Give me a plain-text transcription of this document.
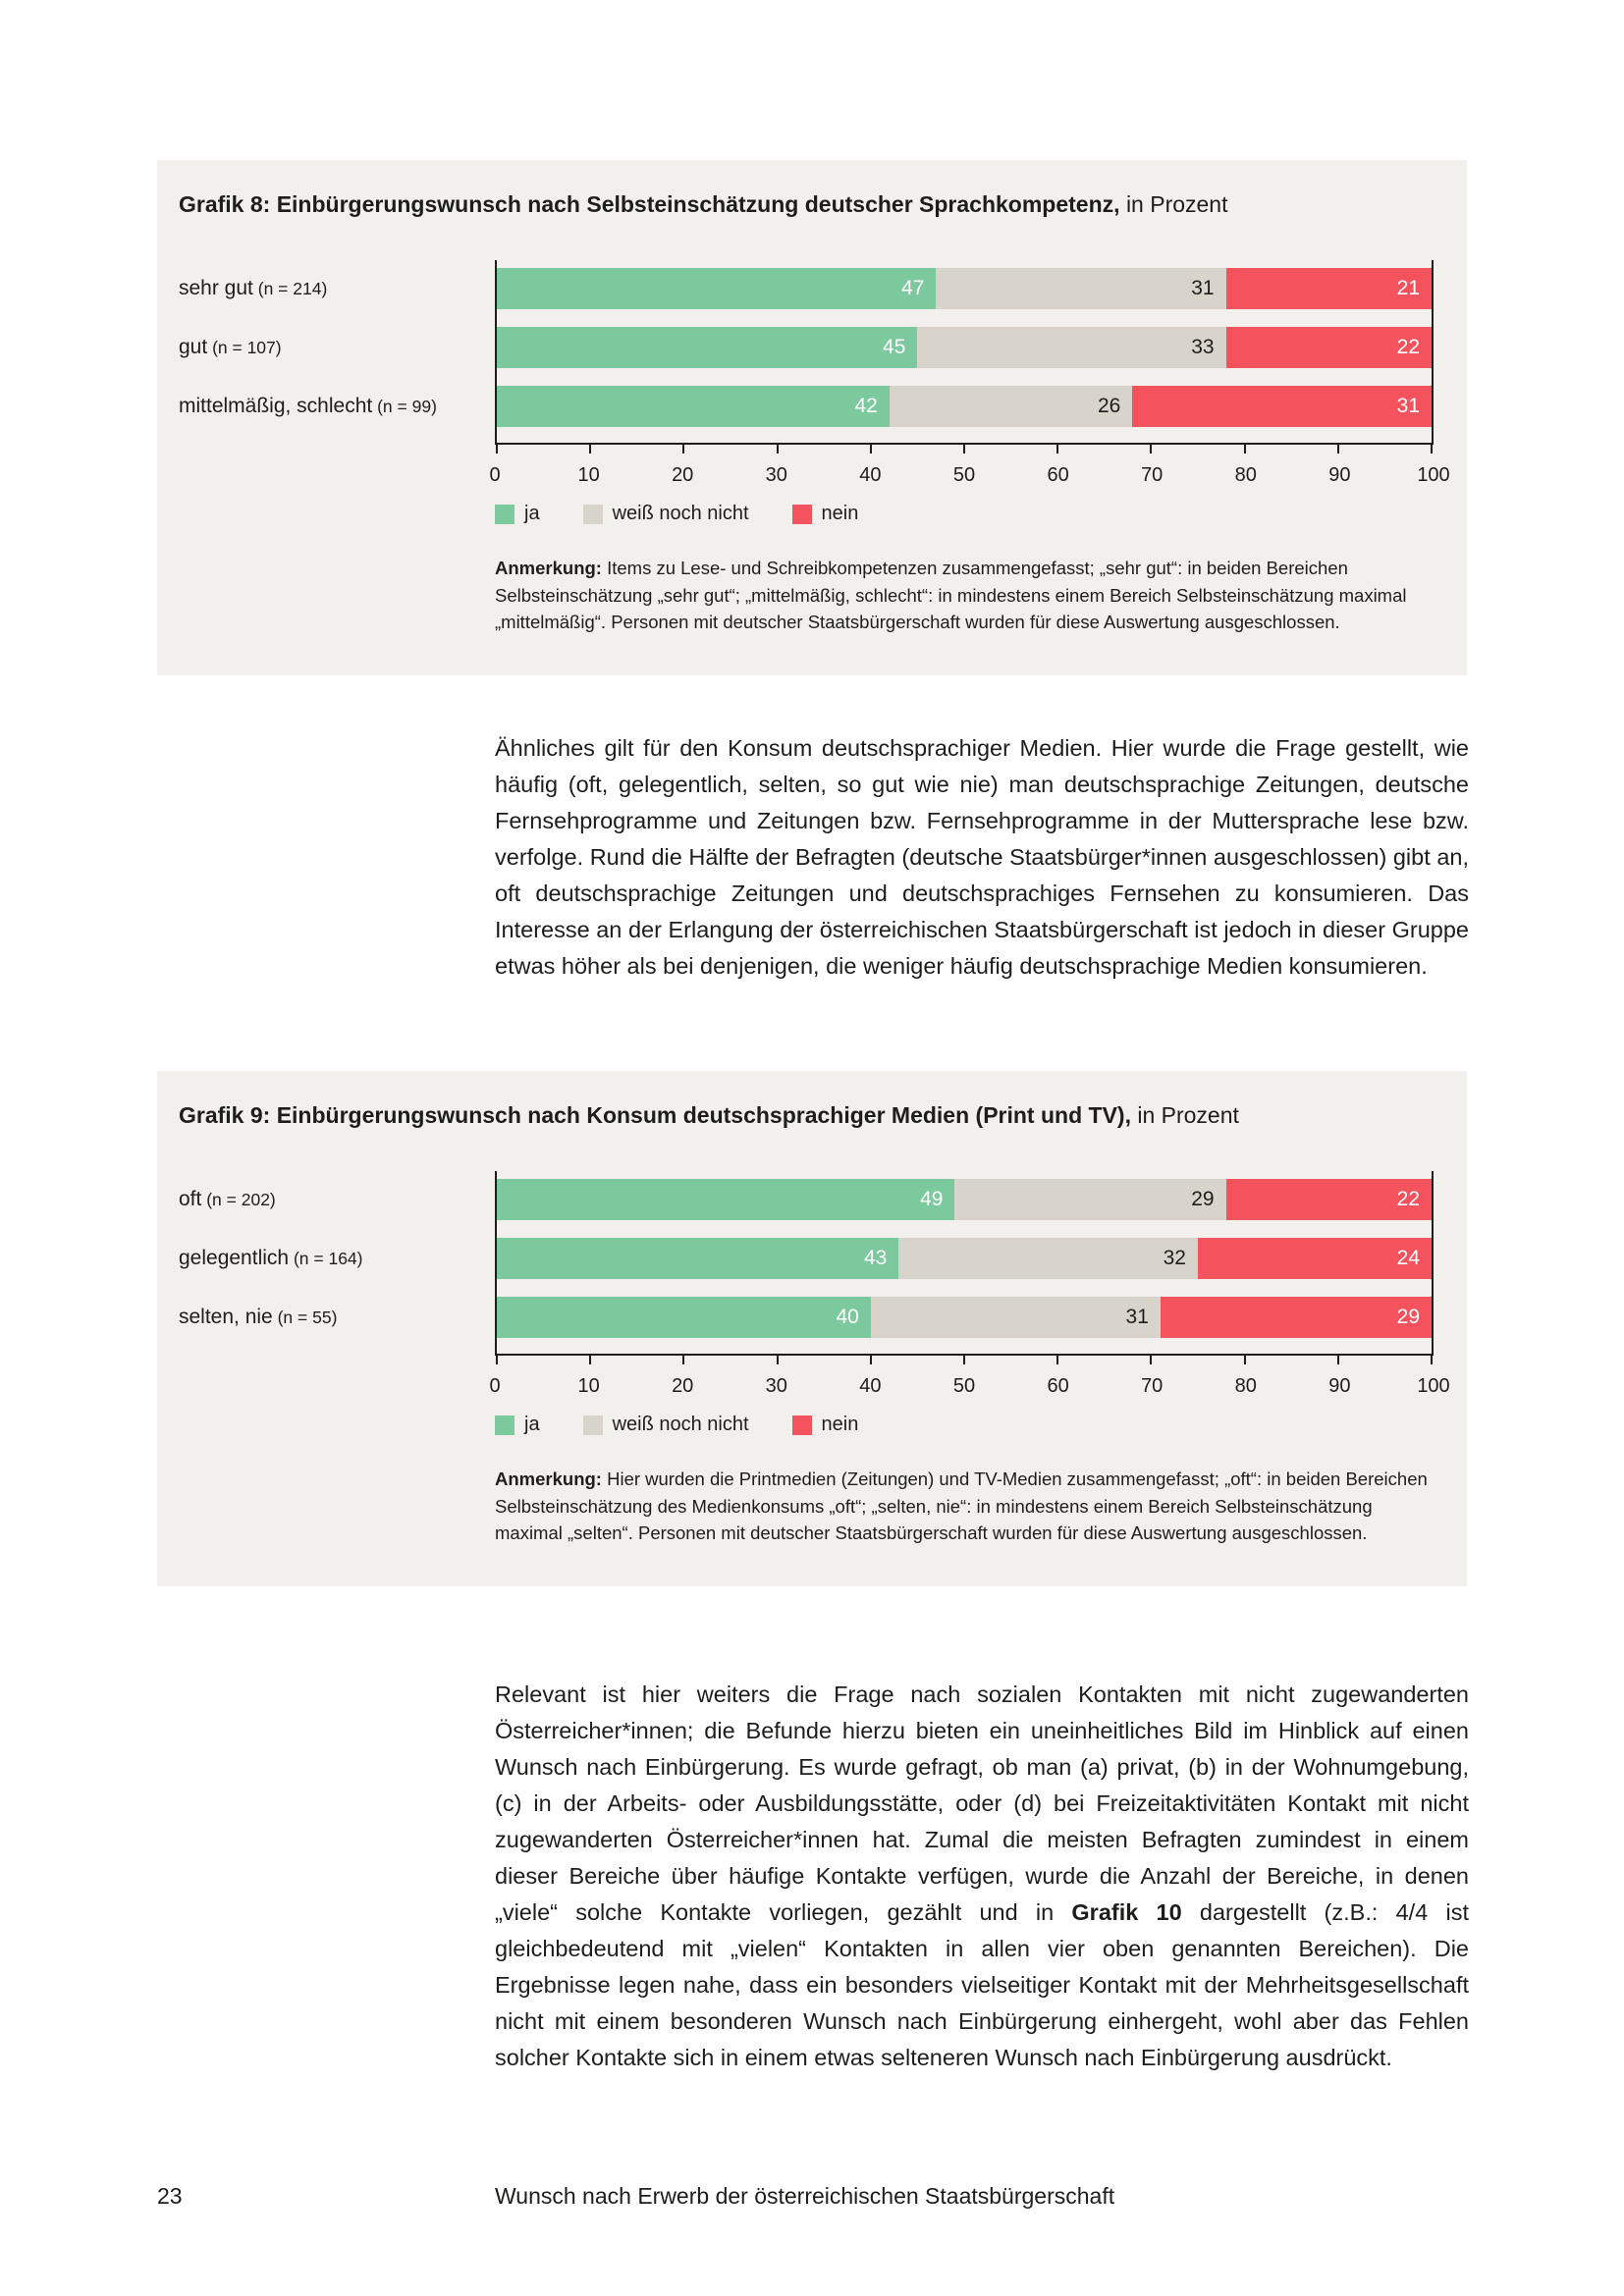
Grafik 8: Einbürgerungswunsch nach Selbsteinschätzung deutscher Sprachkompetenz, in Prozent
sehr gut (n = 214)
gut (n = 107)
mittelmäßig, schlecht (n = 99)
47	31	21
45	33	22
42	26	31
0	10	20	30	40	50	60	70	80	90	100
ja	weiß noch nicht	nein

Anmerkung: Items zu Lese- und Schreibkompetenzen zusammengefasst; „sehr gut“: in beiden Bereichen Selbsteinschätzung „sehr gut“; „mittelmäßig, schlecht“: in mindestens einem Bereich Selbsteinschätzung maximal „mittelmäßig“. Personen mit deutscher Staatsbürgerschaft wurden für diese Auswertung ausgeschlossen.

Ähnliches gilt für den Konsum deutschsprachiger Medien. Hier wurde die Frage gestellt, wie häufig (oft, gelegentlich, selten, so gut wie nie) man deutschsprachige Zeitungen, deutsche Fernsehprogramme und Zeitungen bzw. Fernsehprogramme in der Muttersprache lese bzw. verfolge. Rund die Hälfte der Befragten (deutsche Staatsbürger*innen ausgeschlossen) gibt an, oft deutschsprachige Zeitungen und deutschsprachiges Fernsehen zu konsumieren. Das Interesse an der Erlangung der österreichischen Staatsbürgerschaft ist jedoch in dieser Gruppe etwas höher als bei denjenigen, die weniger häufig deutschsprachige Medien konsumieren.

Grafik 9: Einbürgerungswunsch nach Konsum deutschsprachiger Medien (Print und TV), in Prozent
oft (n = 202)
gelegentlich (n = 164)
selten, nie (n = 55)
49	29	22
43	32	24
40	31	29
0	10	20	30	40	50	60	70	80	90	100
ja	weiß noch nicht	nein

Anmerkung: Hier wurden die Printmedien (Zeitungen) und TV-Medien zusammengefasst; „oft“: in beiden Bereichen Selbsteinschätzung des Medienkonsums „oft“; „selten, nie“: in mindestens einem Bereich Selbsteinschätzung maximal „selten“. Personen mit deutscher Staatsbürgerschaft wurden für diese Auswertung ausgeschlossen.

Relevant ist hier weiters die Frage nach sozialen Kontakten mit nicht zugewanderten Österreicher*innen; die Befunde hierzu bieten ein uneinheitliches Bild im Hinblick auf einen Wunsch nach Einbürgerung. Es wurde gefragt, ob man (a) privat, (b) in der Wohnumgebung, (c) in der Arbeits- oder Ausbildungsstätte, oder (d) bei Freizeitaktivitäten Kontakt mit nicht zugewanderten Österreicher*innen hat. Zumal die meisten Befragten zumindest in einem dieser Bereiche über häufige Kontakte verfügen, wurde die Anzahl der Bereiche, in denen „viele“ solche Kontakte vorliegen, gezählt und in Grafik 10 dargestellt (z.B.: 4/4 ist gleichbedeutend mit „vielen“ Kontakten in allen vier oben genannten Bereichen). Die Ergebnisse legen nahe, dass ein besonders vielseitiger Kontakt mit der Mehrheitsgesellschaft nicht mit einem besonderen Wunsch nach Einbürgerung einhergeht, wohl aber das Fehlen solcher Kontakte sich in einem etwas selteneren Wunsch nach Einbürgerung ausdrückt.

23	Wunsch nach Erwerb der österreichischen Staatsbürgerschaft
